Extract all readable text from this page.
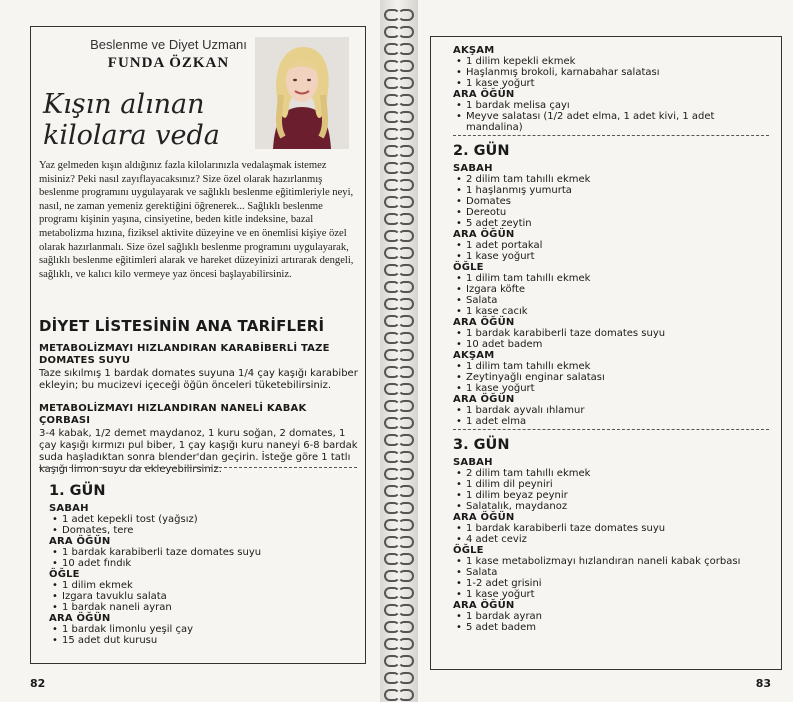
Beslenme ve Diyet Uzmanı
FUNDA ÖZKAN
Kışın alınan
kilolara veda
Yaz gelmeden kışın aldığınız fazla kilolarınızla vedalaşmak istemez misiniz? Peki nasıl zayıflayacaksınız? Size özel olarak hazırlanmış beslenme programını uygulayarak ve sağlıklı beslenme eğitimleriyle neyi, nasıl, ne zaman yemeniz gerektiğini öğrenerek... Sağlıklı beslenme programı kişinin yaşına, cinsiyetine, beden kitle indeksine, bazal metabolizma hızına, fiziksel aktivite düzeyine ve en önemlisi kişiye özel olarak hazırlanmalı. Size özel sağlıklı beslenme programını uygulayarak, sağlıklı beslenme eğitimleri alarak ve hareket düzeyinizi artırarak dengeli, sağlıklı, ve kalıcı kilo vermeye yaz öncesi başlayabilirsiniz.
DİYET LİSTESİNİN ANA TARİFLERİ
METABOLİZMAYI HIZLANDIRAN KARABİBERLİ TAZE
DOMATES SUYU
Taze sıkılmış 1 bardak domates suyuna 1/4 çay kaşığı karabiber ekleyin; bu mucizevi içeceği öğün önceleri tüketebilirsiniz.
METABOLİZMAYI HIZLANDIRAN NANELİ KABAK ÇORBASI
3-4 kabak, 1/2 demet maydanoz, 1 kuru soğan, 2 domates, 1 çay kaşığı kırmızı pul biber, 1 çay kaşığı kuru naneyi 6-8 bardak suda haşladıktan sonra blender'dan geçirin. İsteğe göre 1 tatlı kaşığı limon suyu da ekleyebilirsiniz.
1. GÜN
SABAH
• 1 adet kepekli tost (yağsız)
• Domates, tere
ARA ÖĞÜN
• 1 bardak karabiberli taze domates suyu
• 10 adet fındık
ÖĞLE
• 1 dilim ekmek
• Izgara tavuklu salata
• 1 bardak naneli ayran
ARA ÖĞÜN
• 1 bardak limonlu yeşil çay
• 15 adet dut kurusu
82
AKŞAM
• 1 dilim kepekli ekmek
• Haşlanmış brokoli, karnabahar salatası
• 1 kase yoğurt
ARA ÖĞÜN
• 1 bardak melisa çayı
• Meyve salatası (1/2 adet elma, 1 adet kivi, 1 adet mandalina)
2. GÜN
SABAH
• 2 dilim tam tahıllı ekmek
• 1 haşlanmış yumurta
• Domates
• Dereotu
• 5 adet zeytin
ARA ÖĞÜN
• 1 adet portakal
• 1 kase yoğurt
ÖĞLE
• 1 dilim tam tahıllı ekmek
• Izgara köfte
• Salata
• 1 kase cacık
ARA ÖĞÜN
• 1 bardak karabiberli taze domates suyu
• 10 adet badem
AKŞAM
• 1 dilim tam tahıllı ekmek
• Zeytinyağlı enginar salatası
• 1 kase yoğurt
ARA ÖĞÜN
• 1 bardak ayvalı ıhlamur
• 1 adet elma
3. GÜN
SABAH
• 2 dilim tam tahıllı ekmek
• 1 dilim dil peyniri
• 1 dilim beyaz peynir
• Salatalık, maydanoz
ARA ÖĞÜN
• 1 bardak karabiberli taze domates suyu
• 4 adet ceviz
ÖĞLE
• 1 kase metabolizmayı hızlandıran naneli kabak çorbası
• Salata
• 1-2 adet grisini
• 1 kase yoğurt
ARA ÖĞÜN
• 1 bardak ayran
• 5 adet badem
83
